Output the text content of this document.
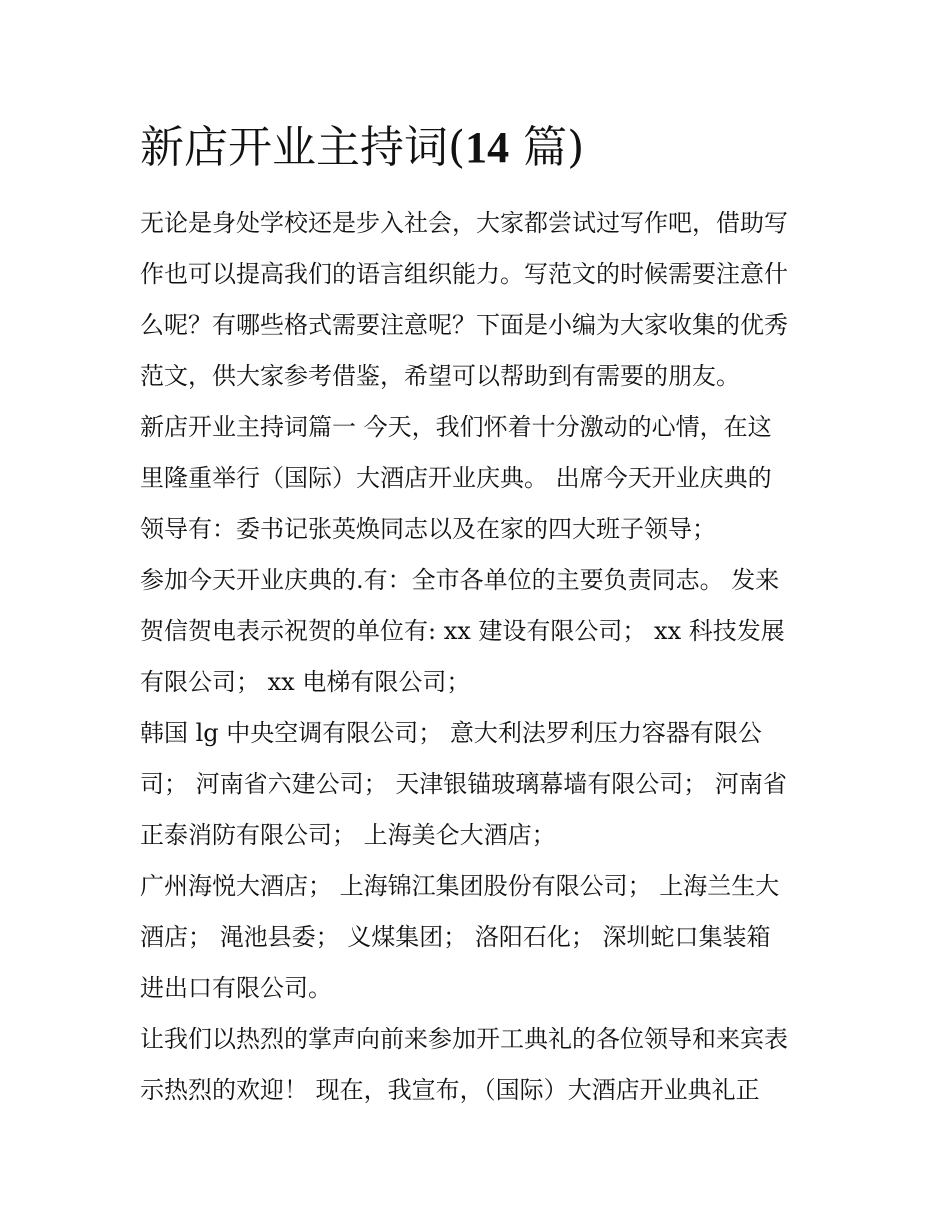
新店开业主持词(14 篇)
无论是身处学校还是步入社会，大家都尝试过写作吧，借助写
作也可以提高我们的语言组织能力。写范文的时候需要注意什
么呢？有哪些格式需要注意呢？下面是小编为大家收集的优秀
范文，供大家参考借鉴，希望可以帮助到有需要的朋友。
新店开业主持词篇一 今天，我们怀着十分激动的心情，在这
里隆重举行（国际）大酒店开业庆典。 出席今天开业庆典的
领导有：委书记张英焕同志以及在家的四大班子领导；
参加今天开业庆典的.有：全市各单位的主要负责同志。 发来
贺信贺电表示祝贺的单位有: xx 建设有限公司； xx 科技发展
有限公司； xx 电梯有限公司；
韩国 lg 中央空调有限公司； 意大利法罗利压力容器有限公
司； 河南省六建公司； 天津银锚玻璃幕墙有限公司； 河南省
正泰消防有限公司； 上海美仑大酒店；
广州海悦大酒店； 上海锦江集团股份有限公司； 上海兰生大
酒店； 渑池县委； 义煤集团； 洛阳石化； 深圳蛇口集装箱
进出口有限公司。
让我们以热烈的掌声向前来参加开工典礼的各位领导和来宾表
示热烈的欢迎！ 现在，我宣布，（国际）大酒店开业典礼正
